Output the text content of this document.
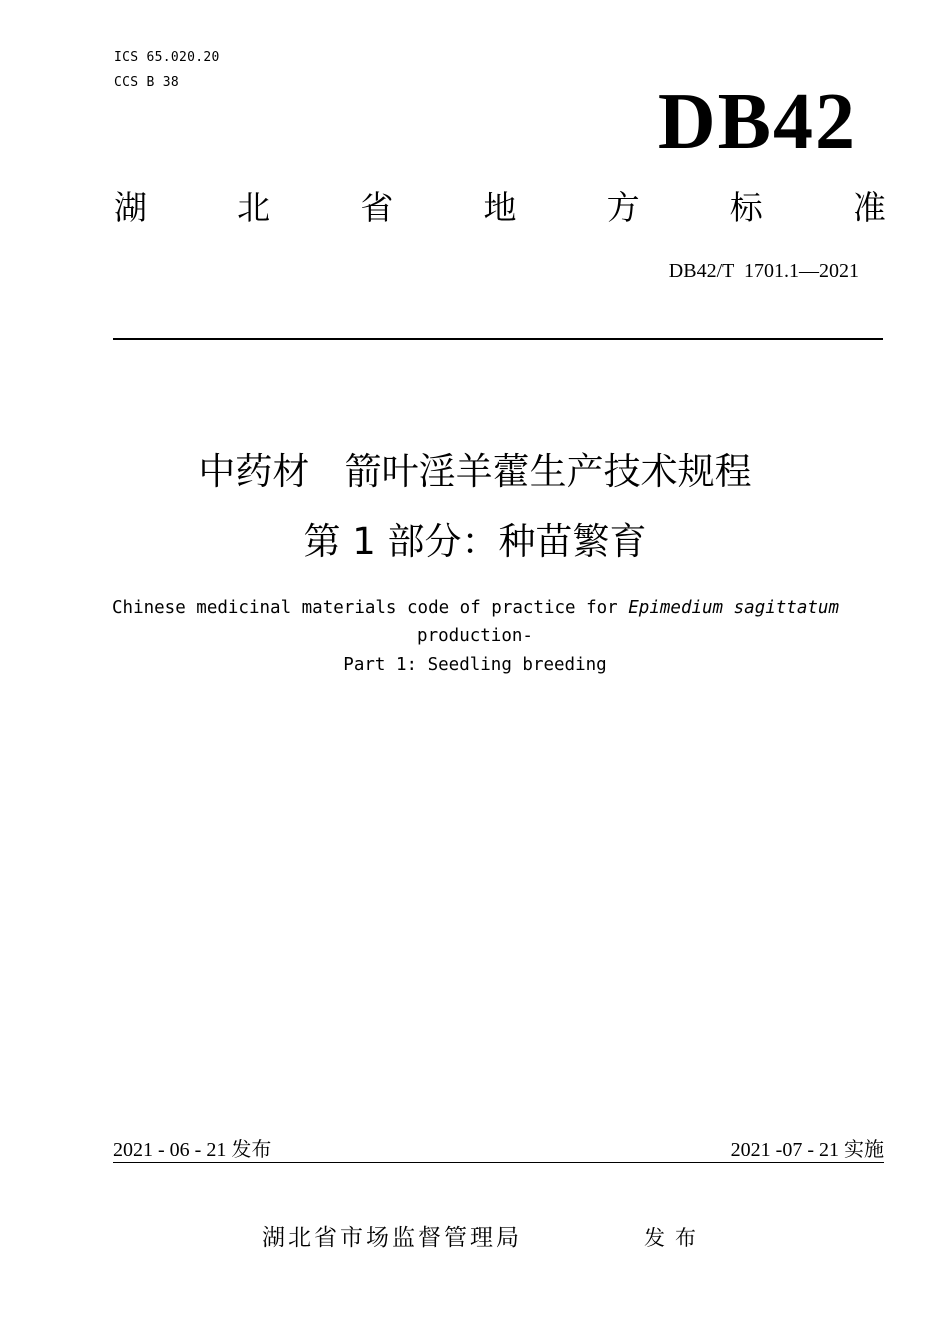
ICS 65.020.20
CCS B 38	DB42
湖	北	省	地	方	标	准
DB42/T  1701.1—2021
中药材   箭叶淫羊藿生产技术规程
第 1 部分：种苗繁育
Chinese medicinal materials code of practice for Epimedium sagittatum
production-
Part 1: Seedling breeding
2021 - 06 - 21 发布	2021 -07 - 21 实施
湖北省市场监督管理局	发布
